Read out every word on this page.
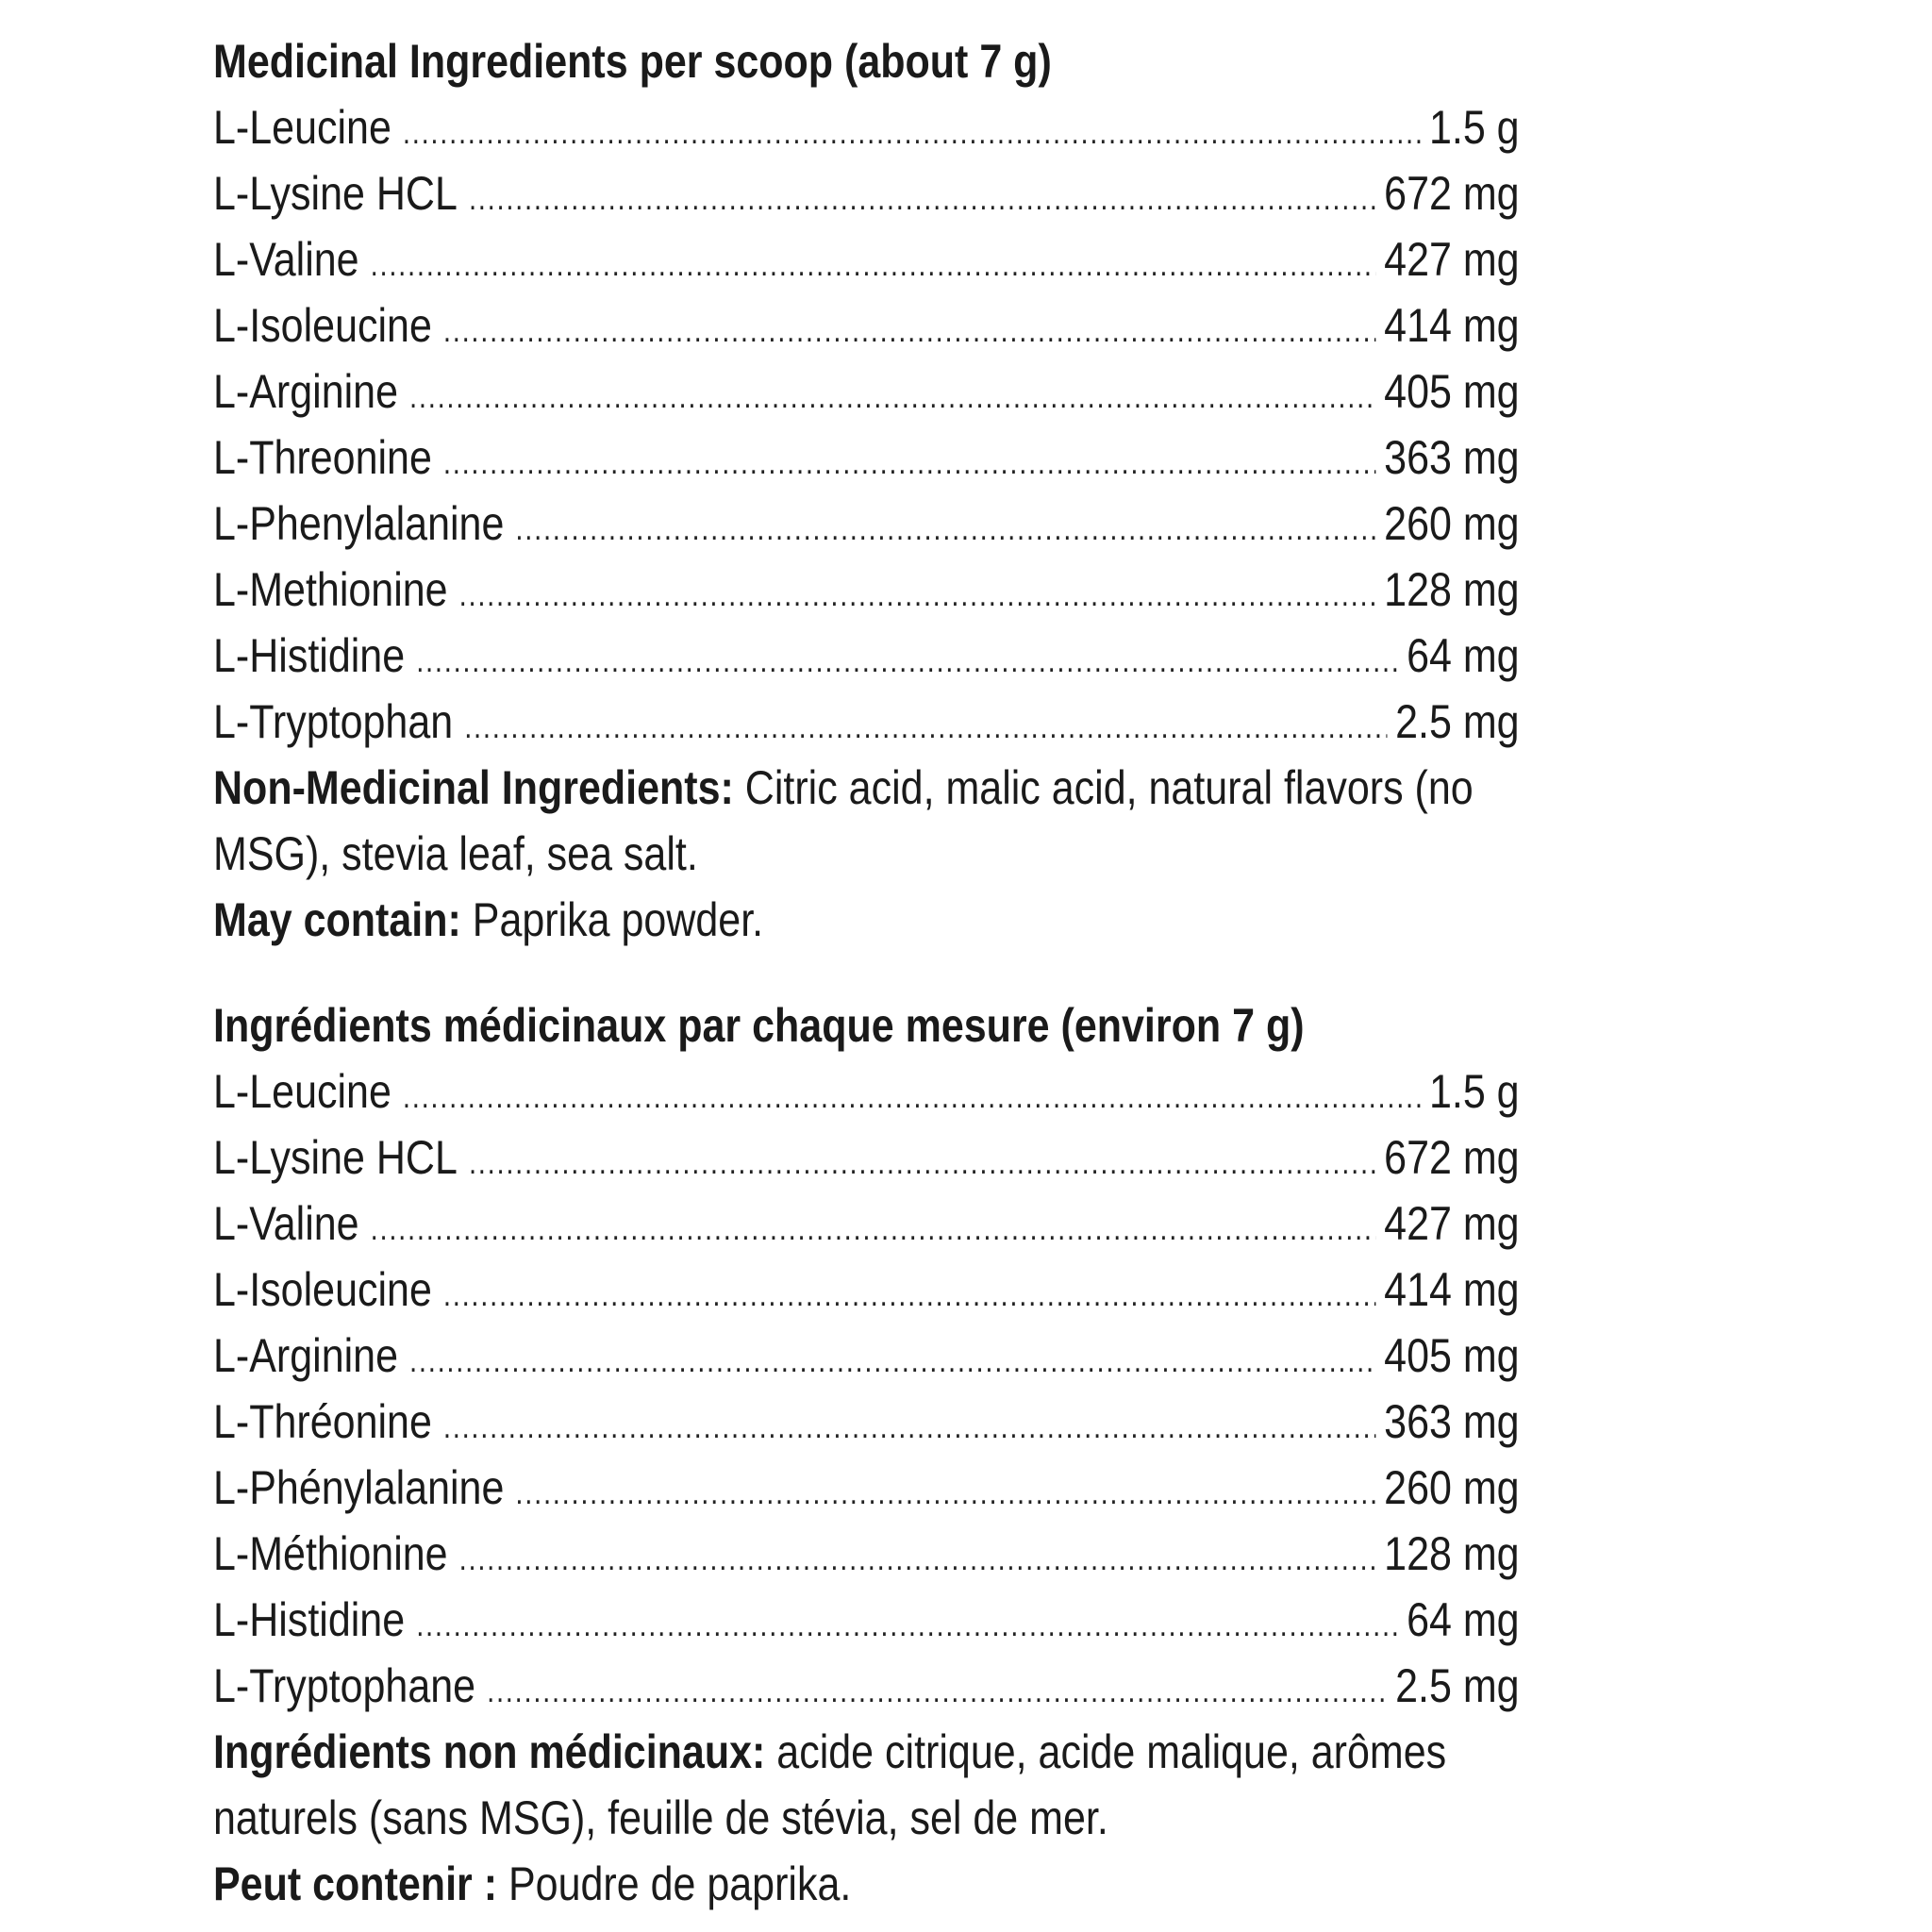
Medicinal Ingredients per scoop (about 7 g)
L-Leucine .....	1.5 g
L-Lysine HCL .....	672 mg
L-Valine .....	427 mg
L-Isoleucine .....	414 mg
L-Arginine .....	405 mg
L-Threonine .....	363 mg
L-Phenylalanine .....	260 mg
L-Methionine .....	128 mg
L-Histidine .....	64 mg
L-Tryptophan .....	2.5 mg
Non-Medicinal Ingredients: Citric acid, malic acid, natural flavors (no MSG), stevia leaf, sea salt.
May contain: Paprika powder.
Ingrédients médicinaux par chaque mesure (environ 7 g)
L-Leucine .....	1.5 g
L-Lysine HCL .....	672 mg
L-Valine .....	427 mg
L-Isoleucine .....	414 mg
L-Arginine .....	405 mg
L-Thréonine .....	363 mg
L-Phénylalanine .....	260 mg
L-Méthionine .....	128 mg
L-Histidine .....	64 mg
L-Tryptophane .....	2.5 mg
Ingrédients non médicinaux: acide citrique, acide malique, arômes naturels (sans MSG), feuille de stévia, sel de mer.
Peut contenir : Poudre de paprika.
